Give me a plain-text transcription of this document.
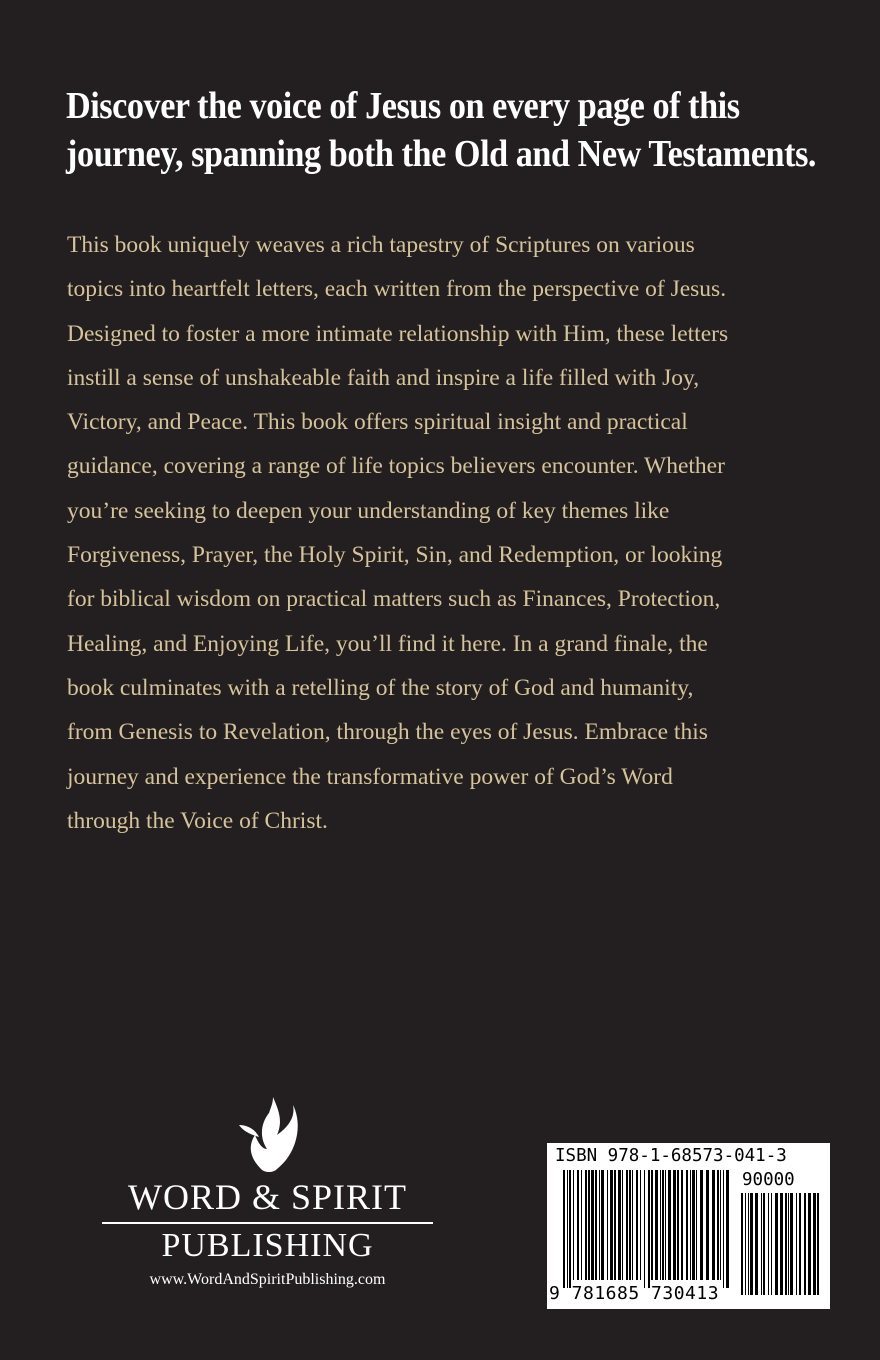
Discover the voice of Jesus on every page of this
journey, spanning both the Old and New Testaments.
This book uniquely weaves a rich tapestry of Scriptures on various
topics into heartfelt letters, each written from the perspective of Jesus.
Designed to foster a more intimate relationship with Him, these letters
instill a sense of unshakeable faith and inspire a life filled with Joy,
Victory, and Peace. This book offers spiritual insight and practical
guidance, covering a range of life topics believers encounter. Whether
you’re seeking to deepen your understanding of key themes like
Forgiveness, Prayer, the Holy Spirit, Sin, and Redemption, or looking
for biblical wisdom on practical matters such as Finances, Protection,
Healing, and Enjoying Life, you’ll find it here. In a grand finale, the
book culminates with a retelling of the story of God and humanity,
from Genesis to Revelation, through the eyes of Jesus. Embrace this
journey and experience the transformative power of God’s Word
through the Voice of Christ.
WORD & SPIRIT
PUBLISHING
www.WordAndSpiritPublishing.com
ISBN 978-1-68573-041-3
90000
9 781685 730413
